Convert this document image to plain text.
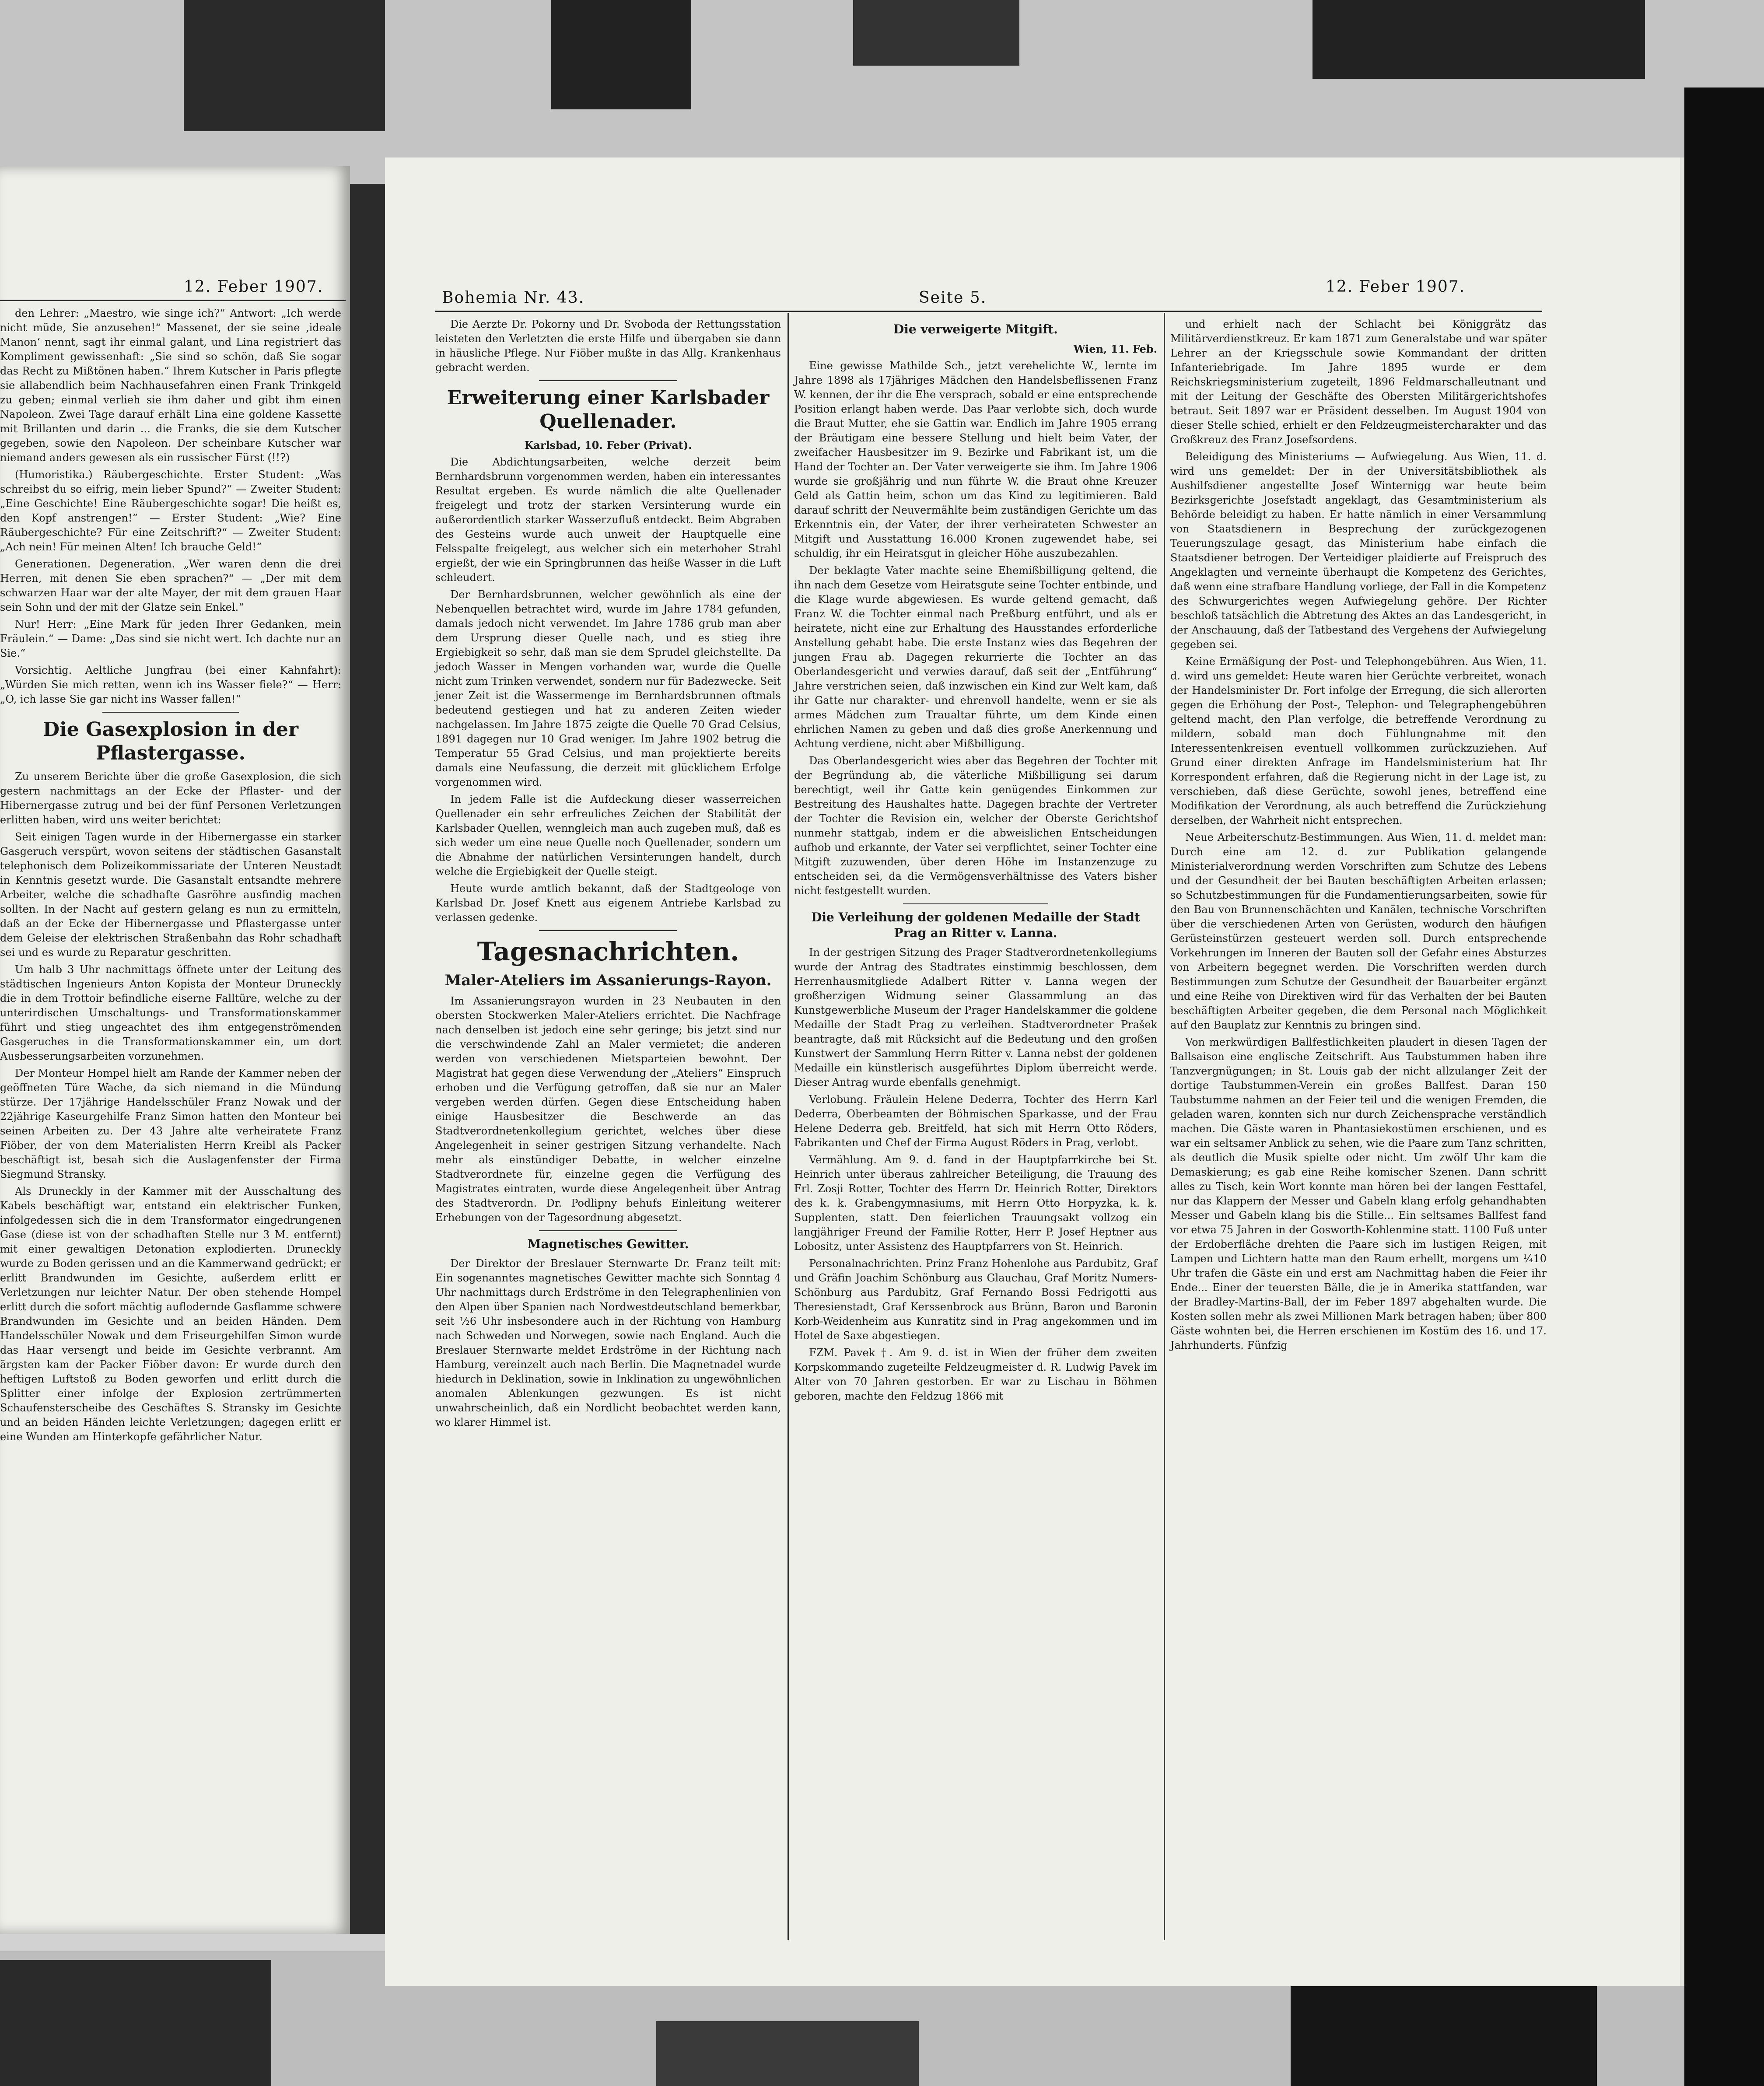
12. Feber 1907.

den Lehrer: „Maestro, wie singe ich?“ Antwort: „Ich werde nicht müde, Sie anzusehen!“ Massenet, der sie seine ‚ideale Manon‘ nennt, sagt ihr einmal galant, und Lina registriert das Kompliment gewissenhaft: „Sie sind so schön, daß Sie sogar das Recht zu Mißtönen haben.“ Ihrem Kutscher in Paris pflegte sie allabendlich beim Nachhausefahren einen Frank Trinkgeld zu geben; einmal verlieh sie ihm daher und gibt ihm einen Napoleon. Zwei Tage darauf erhält Lina eine goldene Kassette mit Brillanten und darin ... die Franks, die sie dem Kutscher gegeben, sowie den Napoleon. Der scheinbare Kutscher war niemand anders gewesen als ein russischer Fürst (!!?)

(Humoristika.) Räubergeschichte. Erster Student: „Was schreibst du so eifrig, mein lieber Spund?“ — Zweiter Student: „Eine Geschichte! Eine Räubergeschichte sogar! Die heißt es, den Kopf anstrengen!“ — Erster Student: „Wie? Eine Räubergeschichte? Für eine Zeitschrift?“ — Zweiter Student: „Ach nein! Für meinen Alten! Ich brauche Geld!“

Generationen. Degeneration. „Wer waren denn die drei Herren, mit denen Sie eben sprachen?“ — „Der mit dem schwarzen Haar war der alte Mayer, der mit dem grauen Haar sein Sohn und der mit der Glatze sein Enkel.“

Nur! Herr: „Eine Mark für jeden Ihrer Gedanken, mein Fräulein.“ — Dame: „Das sind sie nicht wert. Ich dachte nur an Sie.“

Vorsichtig. Aeltliche Jungfrau (bei einer Kahnfahrt): „Würden Sie mich retten, wenn ich ins Wasser fiele?“ — Herr: „O, ich lasse Sie gar nicht ins Wasser fallen!“

Die Gasexplosion in der Pflastergasse.

Zu unserem Berichte über die große Gasexplosion, die sich gestern nachmittags an der Ecke der Pflaster- und der Hibernergasse zutrug und bei der fünf Personen Verletzungen erlitten haben, wird uns weiter berichtet:

Seit einigen Tagen wurde in der Hibernergasse ein starker Gasgeruch verspürt, wovon seitens der städtischen Gasanstalt telephonisch dem Polizeikommissariate der Unteren Neustadt in Kenntnis gesetzt wurde. Die Gasanstalt entsandte mehrere Arbeiter, welche die schadhafte Gasröhre ausfindig machen sollten. In der Nacht auf gestern gelang es nun zu ermitteln, daß an der Ecke der Hibernergasse und Pflastergasse unter dem Geleise der elektrischen Straßenbahn das Rohr schadhaft sei und es wurde zu Reparatur geschritten.

Um halb 3 Uhr nachmittags öffnete unter der Leitung des städtischen Ingenieurs Anton Kopista der Monteur Druneckly die in dem Trottoir befindliche eiserne Falltüre, welche zu der unterirdischen Umschaltungs- und Transformationskammer führt und stieg ungeachtet des ihm entgegenströmenden Gasgeruches in die Transformationskammer ein, um dort Ausbesserungsarbeiten vorzunehmen.

Der Monteur Hompel hielt am Rande der Kammer neben der geöffneten Türe Wache, da sich niemand in die Mündung stürze. Der 17jährige Handelsschüler Franz Nowak und der 22jährige Kaseurgehilfe Franz Simon hatten den Monteur bei seinen Arbeiten zu. Der 43 Jahre alte verheiratete Franz Fiöber, der von dem Materialisten Herrn Kreibl als Packer beschäftigt ist, besah sich die Auslagenfenster der Firma Siegmund Stransky.

Als Druneckly in der Kammer mit der Ausschaltung des Kabels beschäftigt war, entstand ein elektrischer Funken, infolgedessen sich die in dem Transformator eingedrungenen Gase (diese ist von der schadhaften Stelle nur 3 M. entfernt) mit einer gewaltigen Detonation explodierten. Druneckly wurde zu Boden gerissen und an die Kammerwand gedrückt; er erlitt Brandwunden im Gesichte, außerdem erlitt er Verletzungen nur leichter Natur. Der oben stehende Hompel erlitt durch die sofort mächtig auflodernde Gasflamme schwere Brandwunden im Gesichte und an beiden Händen. Dem Handelsschüler Nowak und dem Friseurgehilfen Simon wurde das Haar versengt und beide im Gesichte verbrannt. Am ärgsten kam der Packer Fiöber davon: Er wurde durch den heftigen Luftstoß zu Boden geworfen und erlitt durch die Splitter einer infolge der Explosion zertrümmerten Schaufensterscheibe des Geschäftes S. Stransky im Gesichte und an beiden Händen leichte Verletzungen; dagegen erlitt er eine Wunden am Hinterkopfe gefährlicher Natur.

Bohemia Nr. 43.	Seite 5.
12. Feber 1907.

Die Aerzte Dr. Pokorny und Dr. Svoboda der Rettungsstation leisteten den Verletzten die erste Hilfe und übergaben sie dann in häusliche Pflege. Nur Fiöber mußte in das Allg. Krankenhaus gebracht werden.

Erweiterung einer Karlsbader Quellenader.
Karlsbad, 10. Feber (Privat).

Die Abdichtungsarbeiten, welche derzeit beim Bernhardsbrunn vorgenommen werden, haben ein interessantes Resultat ergeben. Es wurde nämlich die alte Quellenader freigelegt und trotz der starken Versinterung wurde ein außerordentlich starker Wasserzufluß entdeckt. Beim Abgraben des Gesteins wurde auch unweit der Hauptquelle eine Felsspalte freigelegt, aus welcher sich ein meterhoher Strahl ergießt, der wie ein Springbrunnen das heiße Wasser in die Luft schleudert.

Der Bernhardsbrunnen, welcher gewöhnlich als eine der Nebenquellen betrachtet wird, wurde im Jahre 1784 gefunden, damals jedoch nicht verwendet. Im Jahre 1786 grub man aber dem Ursprung dieser Quelle nach, und es stieg ihre Ergiebigkeit so sehr, daß man sie dem Sprudel gleichstellte. Da jedoch Wasser in Mengen vorhanden war, wurde die Quelle nicht zum Trinken verwendet, sondern nur für Badezwecke. Seit jener Zeit ist die Wassermenge im Bernhardsbrunnen oftmals bedeutend gestiegen und hat zu anderen Zeiten wieder nachgelassen. Im Jahre 1875 zeigte die Quelle 70 Grad Celsius, 1891 dagegen nur 10 Grad weniger. Im Jahre 1902 betrug die Temperatur 55 Grad Celsius, und man projektierte bereits damals eine Neufassung, die derzeit mit glücklichem Erfolge vorgenommen wird.

In jedem Falle ist die Aufdeckung dieser wasserreichen Quellenader ein sehr erfreuliches Zeichen der Stabilität der Karlsbader Quellen, wenngleich man auch zugeben muß, daß es sich weder um eine neue Quelle noch Quellenader, sondern um die Abnahme der natürlichen Versinterungen handelt, durch welche die Ergiebigkeit der Quelle steigt.

Heute wurde amtlich bekannt, daß der Stadtgeologe von Karlsbad Dr. Josef Knett aus eigenem Antriebe Karlsbad zu verlassen gedenke.

Tagesnachrichten.
Maler-Ateliers im Assanierungs-Rayon.

Im Assanierungsrayon wurden in 23 Neubauten in den obersten Stockwerken Maler-Ateliers errichtet. Die Nachfrage nach denselben ist jedoch eine sehr geringe; bis jetzt sind nur die verschwindende Zahl an Maler vermietet; die anderen werden von verschiedenen Mietsparteien bewohnt. Der Magistrat hat gegen diese Verwendung der „Ateliers“ Einspruch erhoben und die Verfügung getroffen, daß sie nur an Maler vergeben werden dürfen. Gegen diese Entscheidung haben einige Hausbesitzer die Beschwerde an das Stadtverordnetenkollegium gerichtet, welches über diese Angelegenheit in seiner gestrigen Sitzung verhandelte. Nach mehr als einstündiger Debatte, in welcher einzelne Stadtverordnete für, einzelne gegen die Verfügung des Magistrates eintraten, wurde diese Angelegenheit über Antrag des Stadtverordn. Dr. Podlipny behufs Einleitung weiterer Erhebungen von der Tagesordnung abgesetzt.

Magnetisches Gewitter.

Der Direktor der Breslauer Sternwarte Dr. Franz teilt mit: Ein sogenanntes magnetisches Gewitter machte sich Sonntag 4 Uhr nachmittags durch Erdströme in den Telegraphenlinien von den Alpen über Spanien nach Nordwestdeutschland bemerkbar, seit ½6 Uhr insbesondere auch in der Richtung von Hamburg nach Schweden und Norwegen, sowie nach England. Auch die Breslauer Sternwarte meldet Erdströme in der Richtung nach Hamburg, vereinzelt auch nach Berlin. Die Magnetnadel wurde hiedurch in Deklination, sowie in Inklination zu ungewöhnlichen anomalen Ablenkungen gezwungen. Es ist nicht unwahrscheinlich, daß ein Nordlicht beobachtet werden kann, wo klarer Himmel ist.

Die verweigerte Mitgift.
Wien, 11. Feb.

Eine gewisse Mathilde Sch., jetzt verehelichte W., lernte im Jahre 1898 als 17jähriges Mädchen den Handelsbeflissenen Franz W. kennen, der ihr die Ehe versprach, sobald er eine entsprechende Position erlangt haben werde. Das Paar verlobte sich, doch wurde die Braut Mutter, ehe sie Gattin war. Endlich im Jahre 1905 errang der Bräutigam eine bessere Stellung und hielt beim Vater, der zweifacher Hausbesitzer im 9. Bezirke und Fabrikant ist, um die Hand der Tochter an. Der Vater verweigerte sie ihm. Im Jahre 1906 wurde sie großjährig und nun führte W. die Braut ohne Kreuzer Geld als Gattin heim, schon um das Kind zu legitimieren. Bald darauf schritt der Neuvermählte beim zuständigen Gerichte um das Erkenntnis ein, der Vater, der ihrer verheirateten Schwester an Mitgift und Ausstattung 16.000 Kronen zugewendet habe, sei schuldig, ihr ein Heiratsgut in gleicher Höhe auszubezahlen.

Der beklagte Vater machte seine Ehemißbilligung geltend, die ihn nach dem Gesetze vom Heiratsgute seine Tochter entbinde, und die Klage wurde abgewiesen. Es wurde geltend gemacht, daß Franz W. die Tochter einmal nach Preßburg entführt, und als er heiratete, nicht eine zur Erhaltung des Hausstandes erforderliche Anstellung gehabt habe. Die erste Instanz wies das Begehren der jungen Frau ab. Dagegen rekurrierte die Tochter an das Oberlandesgericht und verwies darauf, daß seit der „Entführung“ Jahre verstrichen seien, daß inzwischen ein Kind zur Welt kam, daß ihr Gatte nur charakter- und ehrenvoll handelte, wenn er sie als armes Mädchen zum Traualtar führte, um dem Kinde einen ehrlichen Namen zu geben und daß dies große Anerkennung und Achtung verdiene, nicht aber Mißbilligung.

Das Oberlandesgericht wies aber das Begehren der Tochter mit der Begründung ab, die väterliche Mißbilligung sei darum berechtigt, weil ihr Gatte kein genügendes Einkommen zur Bestreitung des Haushaltes hatte. Dagegen brachte der Vertreter der Tochter die Revision ein, welcher der Oberste Gerichtshof nunmehr stattgab, indem er die abweislichen Entscheidungen aufhob und erkannte, der Vater sei verpflichtet, seiner Tochter eine Mitgift zuzuwenden, über deren Höhe im Instanzenzuge zu entscheiden sei, da die Vermögensverhältnisse des Vaters bisher nicht festgestellt wurden.

Die Verleihung der goldenen Medaille der Stadt Prag an Ritter v. Lanna.

In der gestrigen Sitzung des Prager Stadtverordnetenkollegiums wurde der Antrag des Stadtrates einstimmig beschlossen, dem Herrenhausmitgliede Adalbert Ritter v. Lanna wegen der großherzigen Widmung seiner Glassammlung an das Kunstgewerbliche Museum der Prager Handelskammer die goldene Medaille der Stadt Prag zu verleihen. Stadtverordneter Prašek beantragte, daß mit Rücksicht auf die Bedeutung und den großen Kunstwert der Sammlung Herrn Ritter v. Lanna nebst der goldenen Medaille ein künstlerisch ausgeführtes Diplom überreicht werde. Dieser Antrag wurde ebenfalls genehmigt.

Verlobung. Fräulein Helene Dederra, Tochter des Herrn Karl Dederra, Oberbeamten der Böhmischen Sparkasse, und der Frau Helene Dederra geb. Breitfeld, hat sich mit Herrn Otto Röders, Fabrikanten und Chef der Firma August Röders in Prag, verlobt.

Vermählung. Am 9. d. fand in der Hauptpfarrkirche bei St. Heinrich unter überaus zahlreicher Beteiligung, die Trauung des Frl. Zosji Rotter, Tochter des Herrn Dr. Heinrich Rotter, Direktors des k. k. Grabengymnasiums, mit Herrn Otto Horpyzka, k. k. Supplenten, statt. Den feierlichen Trauungsakt vollzog ein langjähriger Freund der Familie Rotter, Herr P. Josef Heptner aus Lobositz, unter Assistenz des Hauptpfarrers von St. Heinrich.

Personalnachrichten. Prinz Franz Hohenlohe aus Pardubitz, Graf und Gräfin Joachim Schönburg aus Glauchau, Graf Moritz Numers-Schönburg aus Pardubitz, Graf Fernando Bossi Fedrigotti aus Theresienstadt, Graf Kerssenbrock aus Brünn, Baron und Baronin Korb-Weidenheim aus Kunratitz sind in Prag angekommen und im Hotel de Saxe abgestiegen.

FZM. Pavek †. Am 9. d. ist in Wien der früher dem zweiten Korpskommando zugeteilte Feldzeugmeister d. R. Ludwig Pavek im Alter von 70 Jahren gestorben. Er war zu Lischau in Böhmen geboren, machte den Feldzug 1866 mit

und erhielt nach der Schlacht bei Königgrätz das Militärverdienstkreuz. Er kam 1871 zum Generalstabe und war später Lehrer an der Kriegsschule sowie Kommandant der dritten Infanteriebrigade. Im Jahre 1895 wurde er dem Reichskriegsministerium zugeteilt, 1896 Feldmarschalleutnant und mit der Leitung der Geschäfte des Obersten Militärgerichtshofes betraut. Seit 1897 war er Präsident desselben. Im August 1904 von dieser Stelle schied, erhielt er den Feldzeugmeistercharakter und das Großkreuz des Franz Josefsordens.

Beleidigung des Ministeriums — Aufwiegelung. Aus Wien, 11. d. wird uns gemeldet: Der in der Universitätsbibliothek als Aushilfsdiener angestellte Josef Winternigg war heute beim Bezirksgerichte Josefstadt angeklagt, das Gesamtministerium als Behörde beleidigt zu haben. Er hatte nämlich in einer Versammlung von Staatsdienern in Besprechung der zurückgezogenen Teuerungszulage gesagt, das Ministerium habe einfach die Staatsdiener betrogen. Der Verteidiger plaidierte auf Freispruch des Angeklagten und verneinte überhaupt die Kompetenz des Gerichtes, daß wenn eine strafbare Handlung vorliege, der Fall in die Kompetenz des Schwurgerichtes wegen Aufwiegelung gehöre. Der Richter beschloß tatsächlich die Abtretung des Aktes an das Landesgericht, in der Anschauung, daß der Tatbestand des Vergehens der Aufwiegelung gegeben sei.

Keine Ermäßigung der Post- und Telephongebühren. Aus Wien, 11. d. wird uns gemeldet: Heute waren hier Gerüchte verbreitet, wonach der Handelsminister Dr. Fort infolge der Erregung, die sich allerorten gegen die Erhöhung der Post-, Telephon- und Telegraphengebühren geltend macht, den Plan verfolge, die betreffende Verordnung zu mildern, sobald man doch Fühlungnahme mit den Interessentenkreisen eventuell vollkommen zurückzuziehen. Auf Grund einer direkten Anfrage im Handelsministerium hat Ihr Korrespondent erfahren, daß die Regierung nicht in der Lage ist, zu verschieben, daß diese Gerüchte, sowohl jenes, betreffend eine Modifikation der Verordnung, als auch betreffend die Zurückziehung derselben, der Wahrheit nicht entsprechen.

Neue Arbeiterschutz-Bestimmungen. Aus Wien, 11. d. meldet man: Durch eine am 12. d. zur Publikation gelangende Ministerialverordnung werden Vorschriften zum Schutze des Lebens und der Gesundheit der bei Bauten beschäftigten Arbeiten erlassen; so Schutzbestimmungen für die Fundamentierungsarbeiten, sowie für den Bau von Brunnenschächten und Kanälen, technische Vorschriften über die verschiedenen Arten von Gerüsten, wodurch den häufigen Gerüsteinstürzen gesteuert werden soll. Durch entsprechende Vorkehrungen im Inneren der Bauten soll der Gefahr eines Absturzes von Arbeitern begegnet werden. Die Vorschriften werden durch Bestimmungen zum Schutze der Gesundheit der Bauarbeiter ergänzt und eine Reihe von Direktiven wird für das Verhalten der bei Bauten beschäftigten Arbeiter gegeben, die dem Personal nach Möglichkeit auf den Bauplatz zur Kenntnis zu bringen sind.

Von merkwürdigen Ballfestlichkeiten plaudert in diesen Tagen der Ballsaison eine englische Zeitschrift. Aus Taubstummen haben ihre Tanzvergnügungen; in St. Louis gab der nicht allzulanger Zeit der dortige Taubstummen-Verein ein großes Ballfest. Daran 150 Taubstumme nahmen an der Feier teil und die wenigen Fremden, die geladen waren, konnten sich nur durch Zeichensprache verständlich machen. Die Gäste waren in Phantasiekostümen erschienen, und es war ein seltsamer Anblick zu sehen, wie die Paare zum Tanz schritten, als deutlich die Musik spielte oder nicht. Um zwölf Uhr kam die Demaskierung; es gab eine Reihe komischer Szenen. Dann schritt alles zu Tisch, kein Wort konnte man hören bei der langen Festtafel, nur das Klappern der Messer und Gabeln klang erfolg gehandhabten Messer und Gabeln klang bis die Stille... Ein seltsames Ballfest fand vor etwa 75 Jahren in der Gosworth-Kohlenmine statt. 1100 Fuß unter der Erdoberfläche drehten die Paare sich im lustigen Reigen, mit Lampen und Lichtern hatte man den Raum erhellt, morgens um ¼10 Uhr trafen die Gäste ein und erst am Nachmittag haben die Feier ihr Ende... Einer der teuersten Bälle, die je in Amerika stattfanden, war der Bradley-Martins-Ball, der im Feber 1897 abgehalten wurde. Die Kosten sollen mehr als zwei Millionen Mark betragen haben; über 800 Gäste wohnten bei, die Herren erschienen im Kostüm des 16. und 17. Jahrhunderts. Fünfzig
